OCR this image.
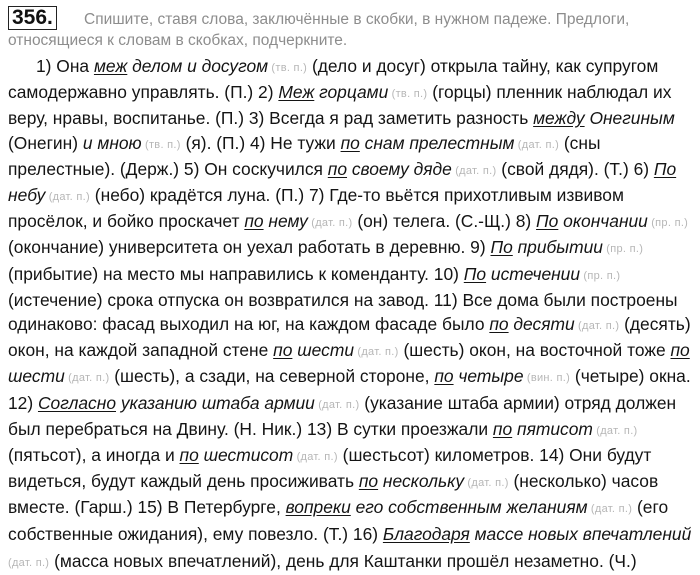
356.	Спишите, ставя слова, заключённые в скобки, в нужном падеже. Предлоги, относящиеся к словам в скобках, подчеркните.

1) Она меж делом и досугом (тв. п.) (дело и досуг) открыла тайну, как супругом самодержавно управлять. (П.) 2) Меж горцами (тв. п.) (горцы) пленник наблюдал их веру, нравы, воспитанье. (П.) 3) Всегда я рад заметить разность между Онегиным (Онегин) и мною (тв. п.) (я). (П.) 4) Не тужи по снам прелестным (дат. п.) (сны прелестные). (Держ.) 5) Он соскучился по своему дяде (дат. п.) (свой дядя). (Т.) 6) По небу (дат. п.) (небо) крадётся луна. (П.) 7) Где-то вьётся прихотливым извивом просёлок, и бойко проскачет по нему (дат. п.) (он) телега. (С.-Щ.) 8) По окончании (пр. п.) (окончание) университета он уехал работать в деревню. 9) По прибытии (пр. п.) (прибытие) на место мы направились к коменданту. 10) По истечении (пр. п.) (истечение) срока отпуска он возвратился на завод. 11) Все дома были построены одинаково: фасад выходил на юг, на каждом фасаде было по десяти (дат. п.) (десять) окон, на каждой западной стене по шести (дат. п.) (шесть) окон, на восточной тоже по шести (дат. п.) (шесть), а сзади, на северной стороне, по четыре (вин. п.) (четыре) окна. 12) Согласно указанию штаба армии (дат. п.) (указание штаба армии) отряд должен был перебраться на Двину. (Н. Ник.) 13) В сутки проезжали по пятисот (дат. п.) (пятьсот), а иногда и по шестисот (дат. п.) (шестьсот) километров. 14) Они будут видеться, будут каждый день просиживать по нескольку (дат. п.) (несколько) часов вместе. (Гарш.) 15) В Петербурге, вопреки его собственным желаниям (дат. п.) (его собственные ожидания), ему повезло. (Т.) 16) Благодаря массе новых впечатлений (дат. п.) (масса новых впечатлений), день для Каштанки прошёл незаметно. (Ч.)
